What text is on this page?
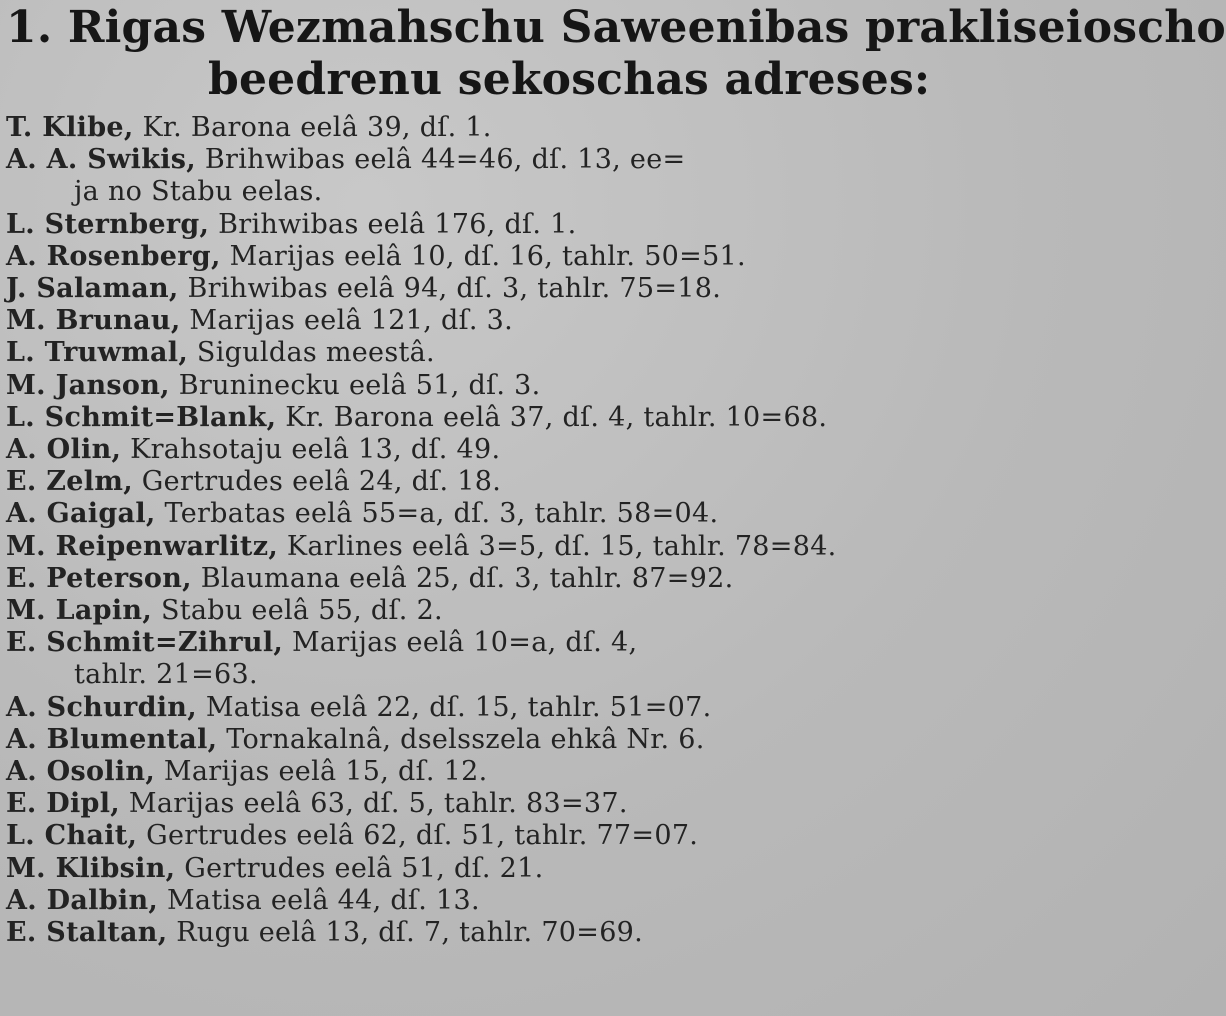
1. Rigas Wezmahschu Saweenibas prakliseioscho
beedrenu sekoschas adreses:
T. Klibe, Kr. Barona eelâ 39, dſ. 1.
A. A. Swikis, Brihwibas eelâ 44=46, dſ. 13, ee=
ja no Stabu eelas.
L. Sternberg, Brihwibas eelâ 176, dſ. 1.
A. Rosenberg, Marijas eelâ 10, dſ. 16, tahlr. 50=51.
J. Salaman, Brihwibas eelâ 94, dſ. 3, tahlr. 75=18.
M. Brunau, Marijas eelâ 121, dſ. 3.
L. Truwmal, Siguldas meestâ.
M. Janson, Bruninecku eelâ 51, dſ. 3.
L. Schmit=Blank, Kr. Barona eelâ 37, dſ. 4, tahlr. 10=68.
A. Olin, Krahsotaju eelâ 13, dſ. 49.
E. Zelm, Gertrudes eelâ 24, dſ. 18.
A. Gaigal, Terbatas eelâ 55=a, dſ. 3, tahlr. 58=04.
M. Reipenwarlitz, Karlines eelâ 3=5, dſ. 15, tahlr. 78=84.
E. Peterson, Blaumana eelâ 25, dſ. 3, tahlr. 87=92.
M. Lapin, Stabu eelâ 55, dſ. 2.
E. Schmit=Zihrul, Marijas eelâ 10=a, dſ. 4,
tahlr. 21=63.
A. Schurdin, Matisa eelâ 22, dſ. 15, tahlr. 51=07.
A. Blumental, Tornakalnâ, dselsszela ehkâ Nr. 6.
A. Osolin, Marijas eelâ 15, dſ. 12.
E. Dipl, Marijas eelâ 63, dſ. 5, tahlr. 83=37.
L. Chait, Gertrudes eelâ 62, dſ. 51, tahlr. 77=07.
M. Klibsin, Gertrudes eelâ 51, dſ. 21.
A. Dalbin, Matisa eelâ 44, dſ. 13.
E. Staltan, Rugu eelâ 13, dſ. 7, tahlr. 70=69.
